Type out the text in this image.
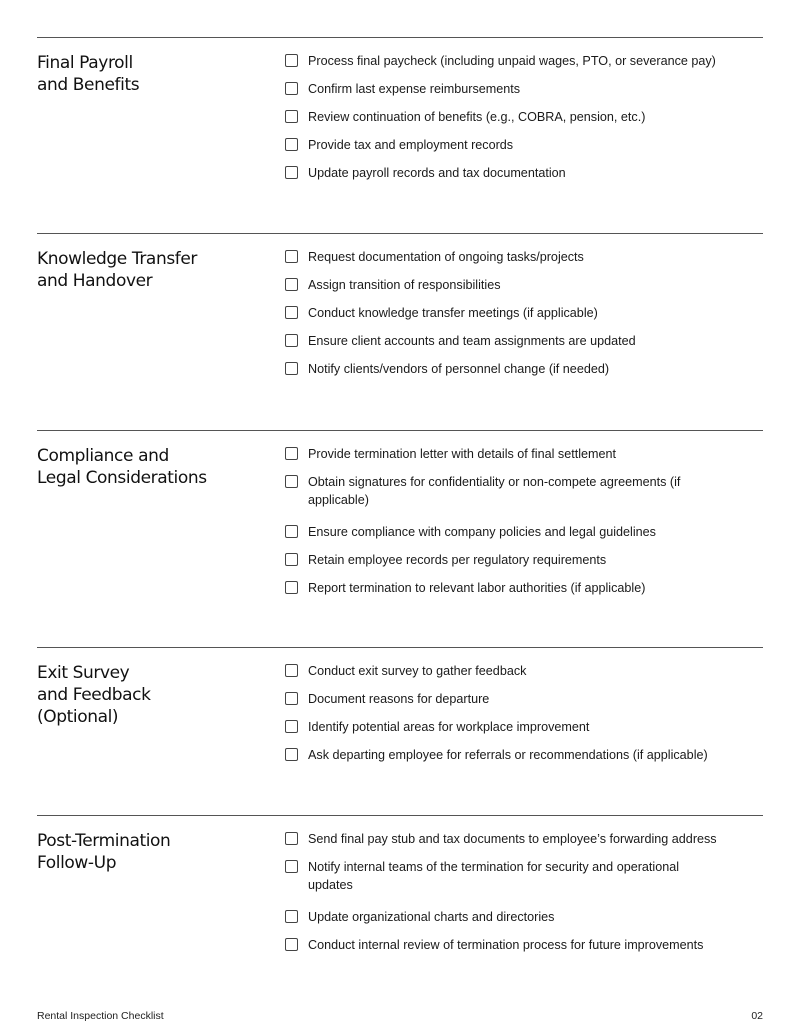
Final Payroll
and Benefits
Process final paycheck (including unpaid wages, PTO, or severance pay)
Confirm last expense reimbursements
Review continuation of benefits (e.g., COBRA, pension, etc.)
Provide tax and employment records
Update payroll records and tax documentation
Knowledge Transfer
and Handover
Request documentation of ongoing tasks/projects
Assign transition of responsibilities
Conduct knowledge transfer meetings (if applicable)
Ensure client accounts and team assignments are updated
Notify clients/vendors of personnel change (if needed)
Compliance and
Legal Considerations
Provide termination letter with details of final settlement
Obtain signatures for confidentiality or non-compete agreements (if applicable)
Ensure compliance with company policies and legal guidelines
Retain employee records per regulatory requirements
Report termination to relevant labor authorities (if applicable)
Exit Survey
and Feedback
(Optional)
Conduct exit survey to gather feedback
Document reasons for departure
Identify potential areas for workplace improvement
Ask departing employee for referrals or recommendations (if applicable)
Post-Termination
Follow-Up
Send final pay stub and tax documents to employee’s forwarding address
Notify internal teams of the termination for security and operational updates
Update organizational charts and directories
Conduct internal review of termination process for future improvements
Rental Inspection Checklist	02
